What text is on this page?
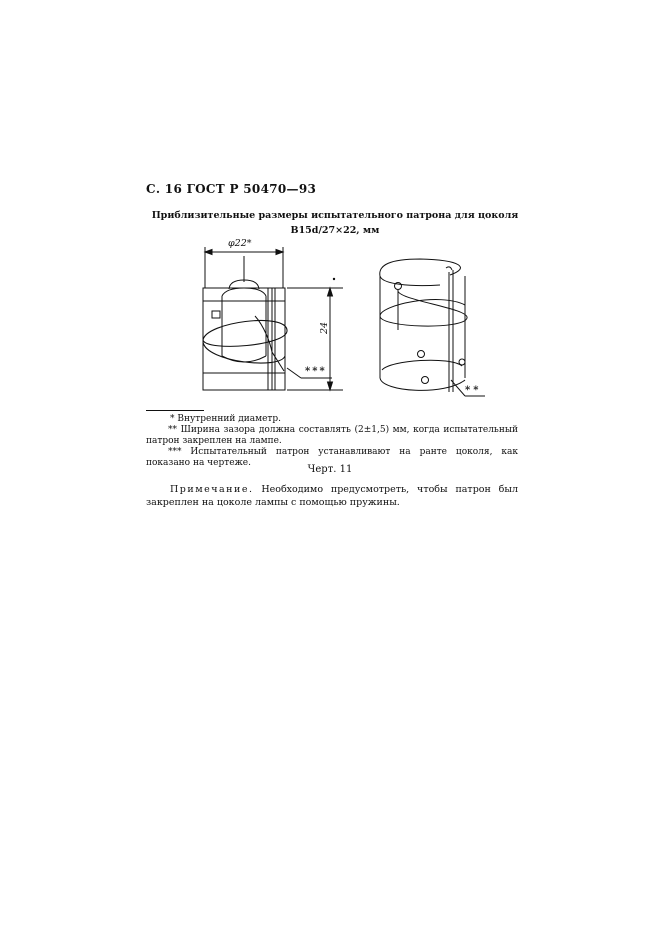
С. 16 ГОСТ Р 50470—93
Приблизительные размеры испытательного патрона для цоколя
В15d/27×22, мм
φ22*
24
***
**

* Внутренний диаметр.

** Ширина зазора должна составлять (2±1,5) мм, когда испытательный патрон закреплен на лампе.

*** Испытательный патрон устанавливают на ранте цоколя, как показано на чертеже.

Черт. 11
Примечание. Необходимо предусмотреть, чтобы патрон был закреплен на цоколе лампы с помощью пружины.
